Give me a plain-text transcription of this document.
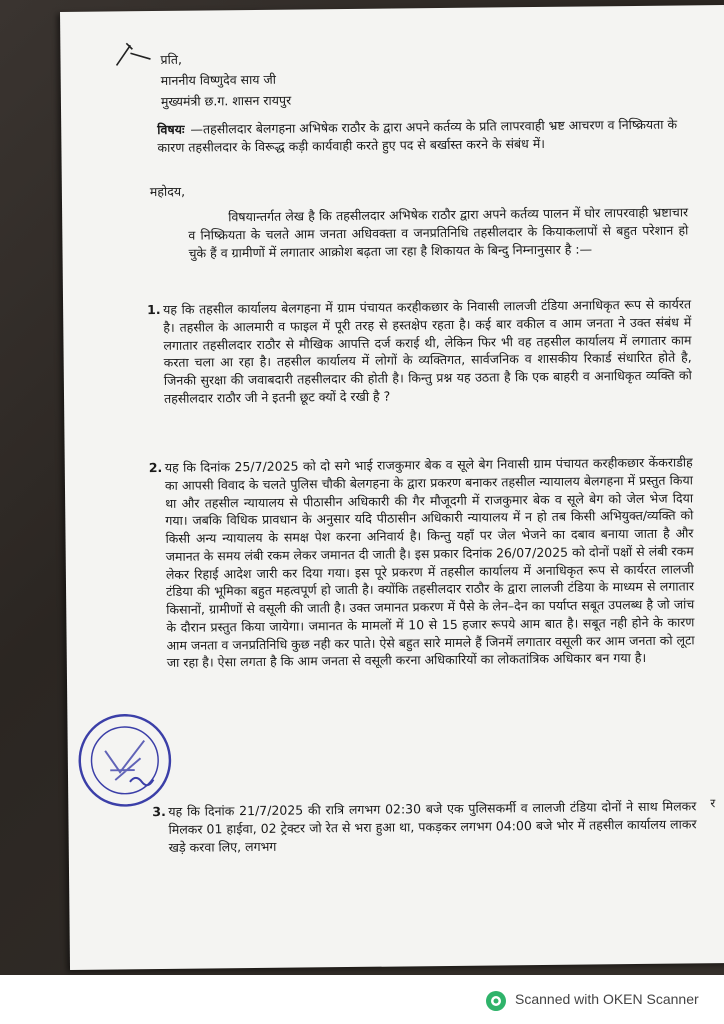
प्रति,
माननीय विष्णुदेव साय जी
मुख्यमंत्री छ.ग. शासन रायपुर
विषयः —तहसीलदार बेलगहना अभिषेक राठौर के द्वारा अपने कर्तव्य के प्रति लापरवाही भ्रष्ट आचरण व निष्क्रियता के कारण तहसीलदार के विरूद्ध कड़ी कार्यवाही करते हुए पद से बर्खास्त करने के संबंध में।
महोदय,
विषयान्तर्गत लेख है कि तहसीलदार अभिषेक राठौर द्वारा अपने कर्तव्य पालन में घोर लापरवाही भ्रष्टाचार व निष्क्रियता के चलते आम जनता अधिवक्ता व जनप्रतिनिधि तहसीलदार के कियाकलापों से बहुत परेशान हो चुके हैं व ग्रामीणों में लगातार आक्रोश बढ़ता जा रहा है शिकायत के बिन्दु निम्नानुसार है :—
1. यह कि तहसील कार्यालय बेलगहना में ग्राम पंचायत करहीकछार के निवासी लालजी टंडिया अनाधिकृत रूप से कार्यरत है। तहसील के आलमारी व फाइल में पूरी तरह से हस्तक्षेप रहता है। कई बार वकील व आम जनता ने उक्त संबंध में लगातार तहसीलदार राठौर से मौखिक आपत्ति दर्ज कराई थी, लेकिन फिर भी वह तहसील कार्यालय में लगातार काम करता चला आ रहा है। तहसील कार्यालय में लोगों के व्यक्तिगत, सार्वजनिक व शासकीय रिकार्ड संधारित होते है, जिनकी सुरक्षा की जवाबदारी तहसीलदार की होती है। किन्तु प्रश्न यह उठता है कि एक बाहरी व अनाधिकृत व्यक्ति को तहसीलदार राठौर जी ने इतनी छूट क्यों दे रखी है ?
2. यह कि दिनांक 25/7/2025 को दो सगे भाई राजकुमार बेक व सूले बेग निवासी ग्राम पंचायत करहीकछार केंकराडीह का आपसी विवाद के चलते पुलिस चौकी बेलगहना के द्वारा प्रकरण बनाकर तहसील न्यायालय बेलगहना में प्रस्तुत किया था और तहसील न्यायालय से पीठासीन अधिकारी की गैर मौजूदगी में राजकुमार बेक व सूले बेग को जेल भेज दिया गया। जबकि विधिक प्रावधान के अनुसार यदि पीठासीन अधिकारी न्यायालय में न हो तब किसी अभियुक्त/व्यक्ति को किसी अन्य न्यायालय के समक्ष पेश करना अनिवार्य है। किन्तु यहाँ पर जेल भेजने का दबाव बनाया जाता है और जमानत के समय लंबी रकम लेकर जमानत दी जाती है। इस प्रकार दिनांक 26/07/2025 को दोनों पक्षों से लंबी रकम लेकर रिहाई आदेश जारी कर दिया गया। इस पूरे प्रकरण में तहसील कार्यालय में अनाधिकृत रूप से कार्यरत लालजी टंडिया की भूमिका बहुत महत्वपूर्ण हो जाती है। क्योंकि तहसीलदार राठौर के द्वारा लालजी टंडिया के माध्यम से लगातार किसानों, ग्रामीणों से वसूली की जाती है। उक्त जमानत प्रकरण में पैसे के लेन–देन का पर्याप्त सबूत उपलब्ध है जो जांच के दौरान प्रस्तुत किया जायेगा। जमानत के मामलों में 10 से 15 हजार रूपये आम बात है। सबूत नही होने के कारण आम जनता व जनप्रतिनिधि कुछ नही कर पाते। ऐसे बहुत सारे मामले हैं जिनमें लगातार वसूली कर आम जनता को लूटा जा रहा है। ऐसा लगता है कि आम जनता से वसूली करना अधिकारियों का लोकतांत्रिक अधिकार बन गया है।
3. यह कि दिनांक 21/7/2025 की रात्रि लगभग 02:30 बजे एक पुलिसकर्मी व लालजी टंडिया दोनों ने साथ मिलकर मिलकर 01 हाईवा, 02 ट्रेक्टर जो रेत से भरा हुआ था, पकड़कर लगभग 04:00 बजे भोर में तहसील कार्यालय लाकर खड़े करवा लिए, लगभग
र
Scanned with OKEN Scanner
